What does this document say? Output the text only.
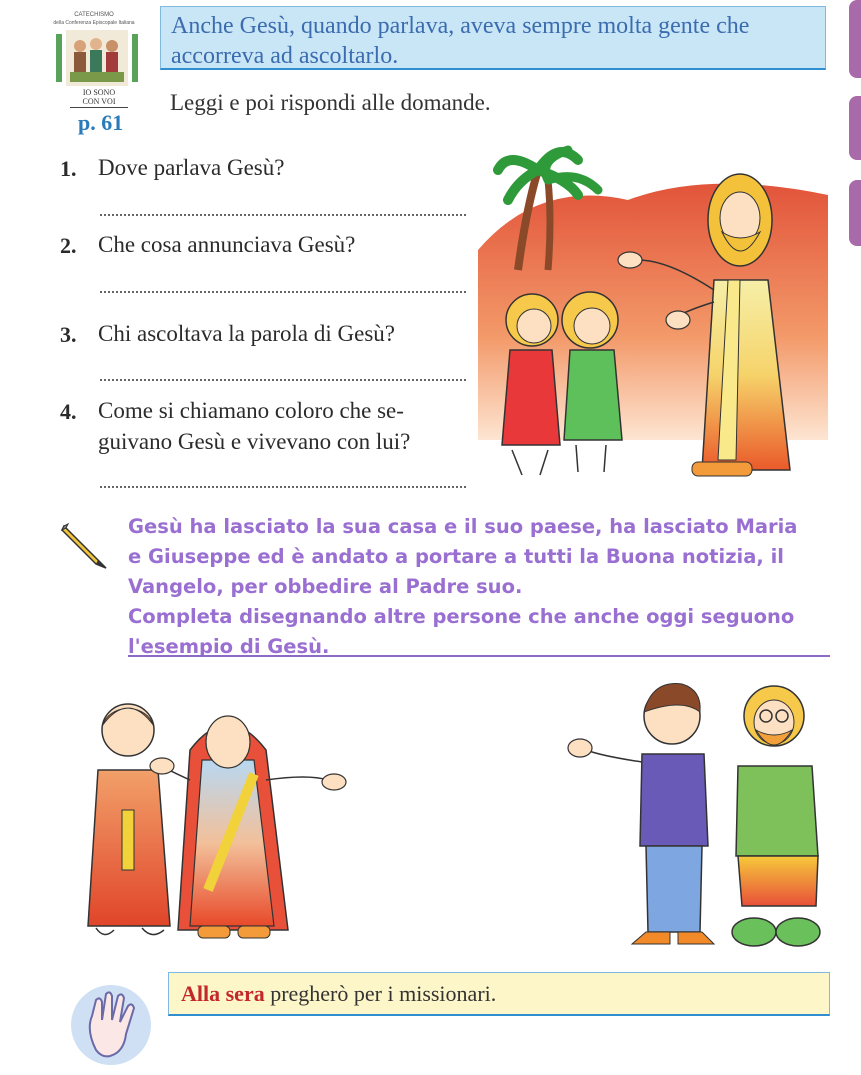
CATECHISMO
della Conferenza Episcopale Italiana
IO SONO
CON VOI
p. 61
Anche Gesù, quando parlava, aveva sempre molta gente che accorreva ad ascoltarlo.
Leggi e poi rispondi alle domande.
1. Dove parlava Gesù?
2. Che cosa annunciava Gesù?
3. Chi ascoltava la parola di Gesù?
4. Come si chiamano coloro che se-
guivano Gesù e vivevano con lui?
Gesù ha lasciato la sua casa e il suo paese, ha lasciato Maria
e Giuseppe ed è andato a portare a tutti la Buona notizia, il
Vangelo, per obbedire al Padre suo.
Completa disegnando altre persone che anche oggi seguono
l'esempio di Gesù.
Alla sera pregherò per i missionari.
